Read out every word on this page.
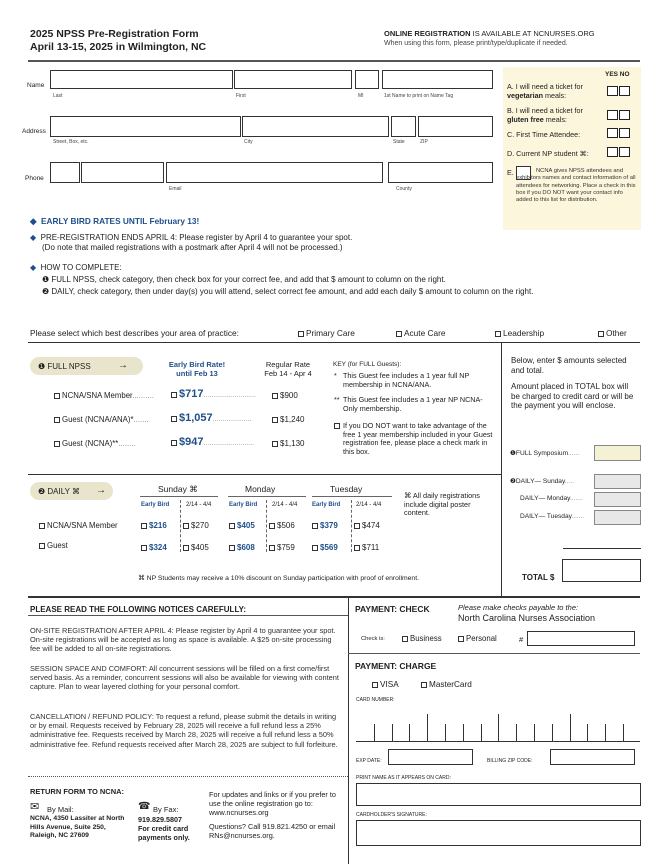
2025 NPSS Pre-Registration Form
April 13-15, 2025 in Wilmington, NC
ONLINE REGISTRATION IS AVAILABLE AT NCNURSES.ORG
When using this form, please print/type/duplicate if needed.
Name
Last	First	MI	1st Name to print on Name Tag
Address
Street, Box, etc.	City	State	ZIP
Phone
Email	County
YES NO
A. I will need a ticket for
vegetarian meals:
B. I will need a ticket for
gluten free meals:
C. First Time Attendee:
D. Current NP student ⌘:
E.	NCNA gives NPSS attendees and exhibitors names and contact information of all attendees for networking. Place a check in this box if you DO NOT want your contact info added to this list for distribution.
◆ EARLY BIRD RATES UNTIL February 13!
◆ PRE-REGISTRATION ENDS APRIL 4: Please register by April 4 to guarantee your spot.
(Do note that mailed registrations with a postmark after April 4 will not be processed.)
◆ HOW TO COMPLETE:
❶ FULL NPSS, check category, then check box for your correct fee, and add that $ amount to column on the right.
❷ DAILY, check category, then under day(s) you will attend, select correct fee amount, and add each daily $ amount to column on the right.
Please select which best describes your area of practice:	Primary Care	Acute Care	Leadership	Other
❶ FULL NPSS	→	Early Bird Rate!
until Feb 13
Regular Rate
Feb 14 - Apr 4
NCNA/SNA Member..........	$717...........................	$900
Guest (NCNA/ANA)*.......	$1,057....................	$1,240
Guest (NCNA)**........	$947..........................	$1,130
KEY (for FULL Guests):
* This Guest fee includes a 1 year full NP membership in NCNA/ANA.
** This Guest fee includes a 1 year NP NCNA-Only membership.
If you DO NOT want to take advantage of the free 1 year membership included in your Guest registration fee, please place a check mark in this box.
❷ DAILY ⌘ →	Sunday ⌘	Monday	Tuesday
Early Bird	2/14 - 4/4	Early Bird 2/14 - 4/4 Early Bird	2/14 - 4/4
NCNA/SNA Member	$216	$270	$405	$506	$379	$474
Guest	$324	$405	$608	$759	$569	$711
⌘ All daily registrations include digital poster content.
⌘ NP Students may receive a 10% discount on Sunday participation with proof of enrollment.
Below, enter $ amounts selected and total.
Amount placed in TOTAL box will be charged to credit card or will be the payment you will enclose.
❶FULL Symposium......
❷DAILY— Sunday.....
DAILY— Monday.......
DAILY— Tuesday.......
TOTAL $
PLEASE READ THE FOLLOWING NOTICES CAREFULLY:
ON-SITE REGISTRATION AFTER APRIL 4: Please register by April 4 to guarantee your spot. On-site registrations will be accepted as long as space is available. A $25 on-site processing fee will be added to all on-site registrations.
SESSION SPACE AND COMFORT: All concurrent sessions will be filled on a first come/first served basis. As a reminder, concurrent sessions will also be available for viewing with content capture. Plan to wear layered clothing for your personal comfort.
CANCELLATION / REFUND POLICY: To request a refund, please submit the details in writing or by email. Requests received by February 28, 2025 will receive a full refund less a 25% administrative fee. Requests received by March 28, 2025 will receive a full refund less a 50% administrative fee. Refund requests received after March 28, 2025 are subject to full forfeiture.
RETURN FORM TO NCNA:
✉ By Mail:
NCNA, 4350 Lassiter at North Hills Avenue, Suite 250, Raleigh, NC 27609
☎ By Fax:
919.829.5807
For credit card payments only.
For updates and links or if you prefer to use the online registration go to: www.ncnurses.org
Questions? Call 919.821.4250 or email RNs@ncnurses.org.
PAYMENT: CHECK	Please make checks payable to the:
North Carolina Nurses Association
Check is:	Business	Personal	#
PAYMENT: CHARGE
VISA	MasterCard
CARD NUMBER:
EXP DATE:	BILLING ZIP CODE:
PRINT NAME AS IT APPEARS ON CARD:
CARDHOLDER'S SIGNATURE:
